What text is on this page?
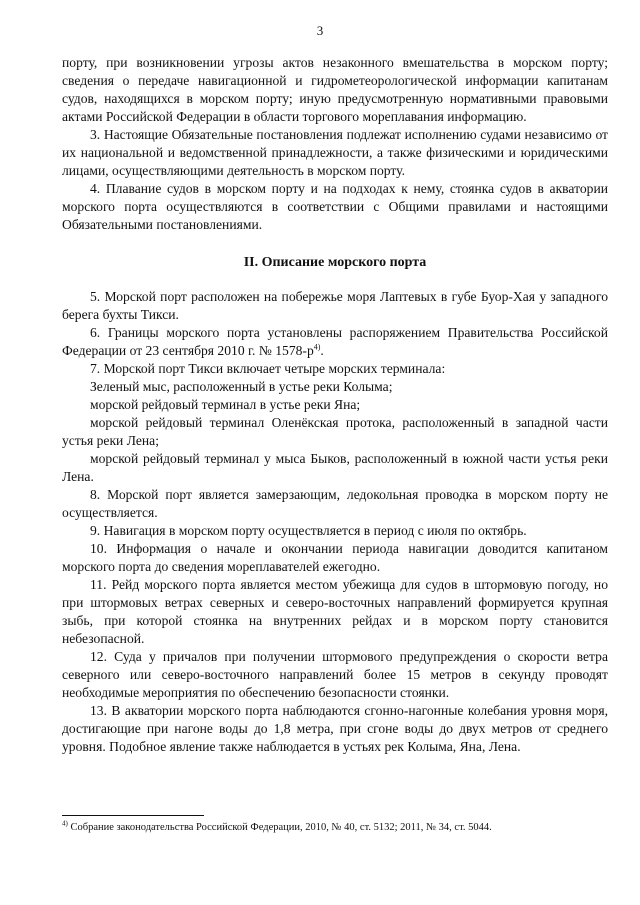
3

порту, при возникновении угрозы актов незаконного вмешательства в морском порту; сведения о передаче навигационной и гидрометеорологической информации капитанам судов, находящихся в морском порту; иную предусмотренную нормативными правовыми актами Российской Федерации в области торгового мореплавания информацию.

3. Настоящие Обязательные постановления подлежат исполнению судами независимо от их национальной и ведомственной принадлежности, а также физическими и юридическими лицами, осуществляющими деятельность в морском порту.

4. Плавание судов в морском порту и на подходах к нему, стоянка судов в акватории морского порта осуществляются в соответствии с Общими правилами и настоящими Обязательными постановлениями.

II. Описание морского порта

5. Морской порт расположен на побережье моря Лаптевых в губе Буор-Хая у западного берега бухты Тикси.

6. Границы морского порта установлены распоряжением Правительства Российской Федерации от 23 сентября 2010 г. № $1578-р^{4)}$.

7. Морской порт Тикси включает четыре морских терминала:

Зеленый мыс, расположенный в устье реки Колыма;

морской рейдовый терминал в устье реки Яна;

морской рейдовый терминал Оленёкская протока, расположенный в западной части устья реки Лена;

морской рейдовый терминал у мыса Быков, расположенный в южной части устья реки Лена.

8. Морской порт является замерзающим, ледокольная проводка в морском порту не осуществляется.

9. Навигация в морском порту осуществляется в период с июля по октябрь.

10. Информация о начале и окончании периода навигации доводится капитаном морского порта до сведения мореплавателей ежегодно.

11. Рейд морского порта является местом убежища для судов в штормовую погоду, но при штормовых ветрах северных и северо-восточных направлений формируется крупная зыбь, при которой стоянка на внутренних рейдах и в морском порту становится небезопасной.

12. Суда у причалов при получении штормового предупреждения о скорости ветра северного или северо-восточного направлений более 15 метров в секунду проводят необходимые мероприятия по обеспечению безопасности стоянки.

13. В акватории морского порта наблюдаются сгонно-нагонные колебания уровня моря, достигающие при нагоне воды до 1,8 метра, при сгоне воды до двух метров от среднего уровня. Подобное явление также наблюдается в устьях рек Колыма, Яна, Лена.

$^{4)}$ Собрание законодательства Российской Федерации, 2010, № 40, ст. 5132; 2011, № 34, ст. 5044.
